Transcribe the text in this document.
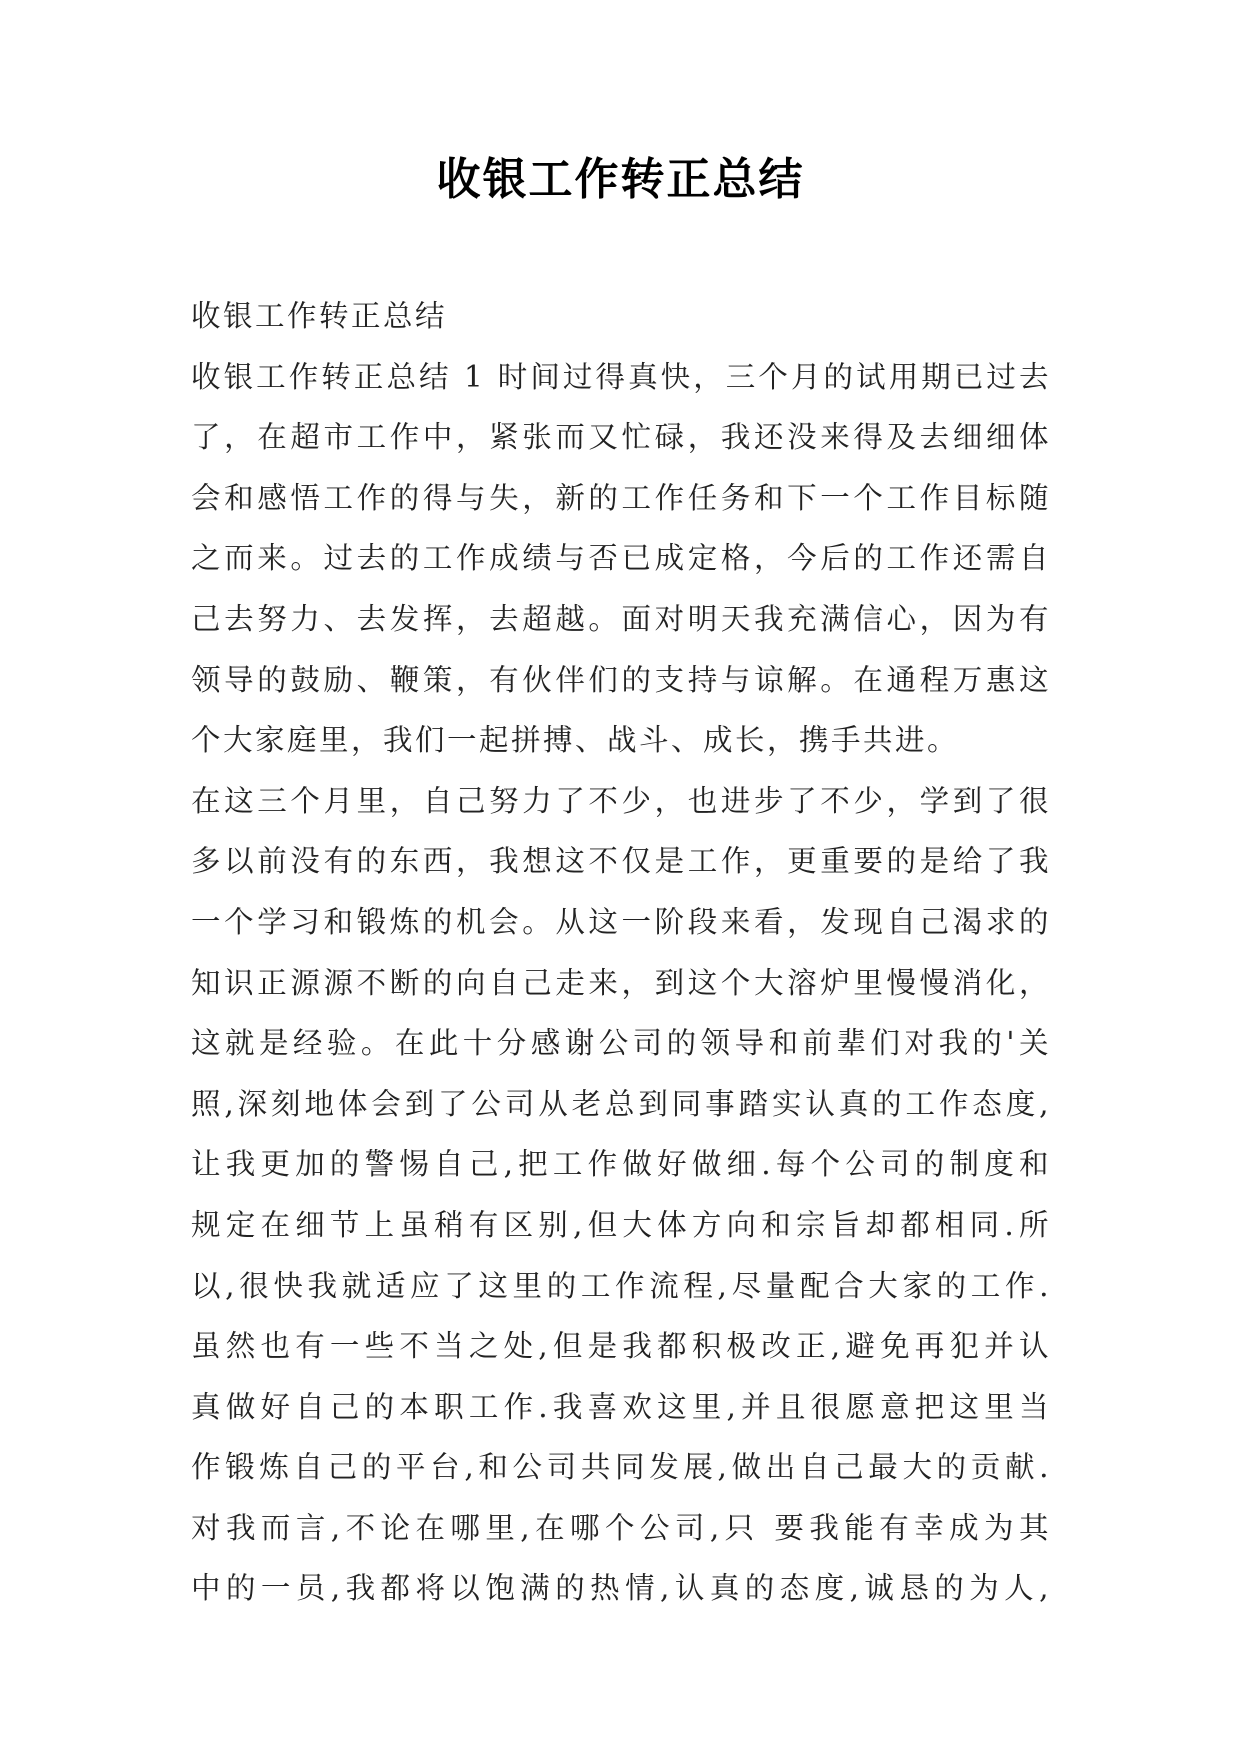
收银工作转正总结
收银工作转正总结
收银工作转正总结 1 时间过得真快，三个月的试用期已过去
了，在超市工作中，紧张而又忙碌，我还没来得及去细细体
会和感悟工作的得与失，新的工作任务和下一个工作目标随
之而来。过去的工作成绩与否已成定格，今后的工作还需自
己去努力、去发挥，去超越。面对明天我充满信心，因为有
领导的鼓励、鞭策，有伙伴们的支持与谅解。在通程万惠这
个大家庭里，我们一起拼搏、战斗、成长，携手共进。
在这三个月里，自己努力了不少，也进步了不少，学到了很
多以前没有的东西，我想这不仅是工作，更重要的是给了我
一个学习和锻炼的机会。从这一阶段来看，发现自己渴求的
知识正源源不断的向自己走来，到这个大溶炉里慢慢消化，
这就是经验。在此十分感谢公司的领导和前辈们对我的'关
照,深刻地体会到了公司从老总到同事踏实认真的工作态度,
让我更加的警惕自己,把工作做好做细.每个公司的制度和
规定在细节上虽稍有区别,但大体方向和宗旨却都相同.所
以,很快我就适应了这里的工作流程,尽量配合大家的工作.
虽然也有一些不当之处,但是我都积极改正,避免再犯并认
真做好自己的本职工作.我喜欢这里,并且很愿意把这里当
作锻炼自己的平台,和公司共同发展,做出自己最大的贡献.
对我而言,不论在哪里,在哪个公司,只 要我能有幸成为其
中的一员,我都将以饱满的热情,认真的态度,诚恳的为人,
